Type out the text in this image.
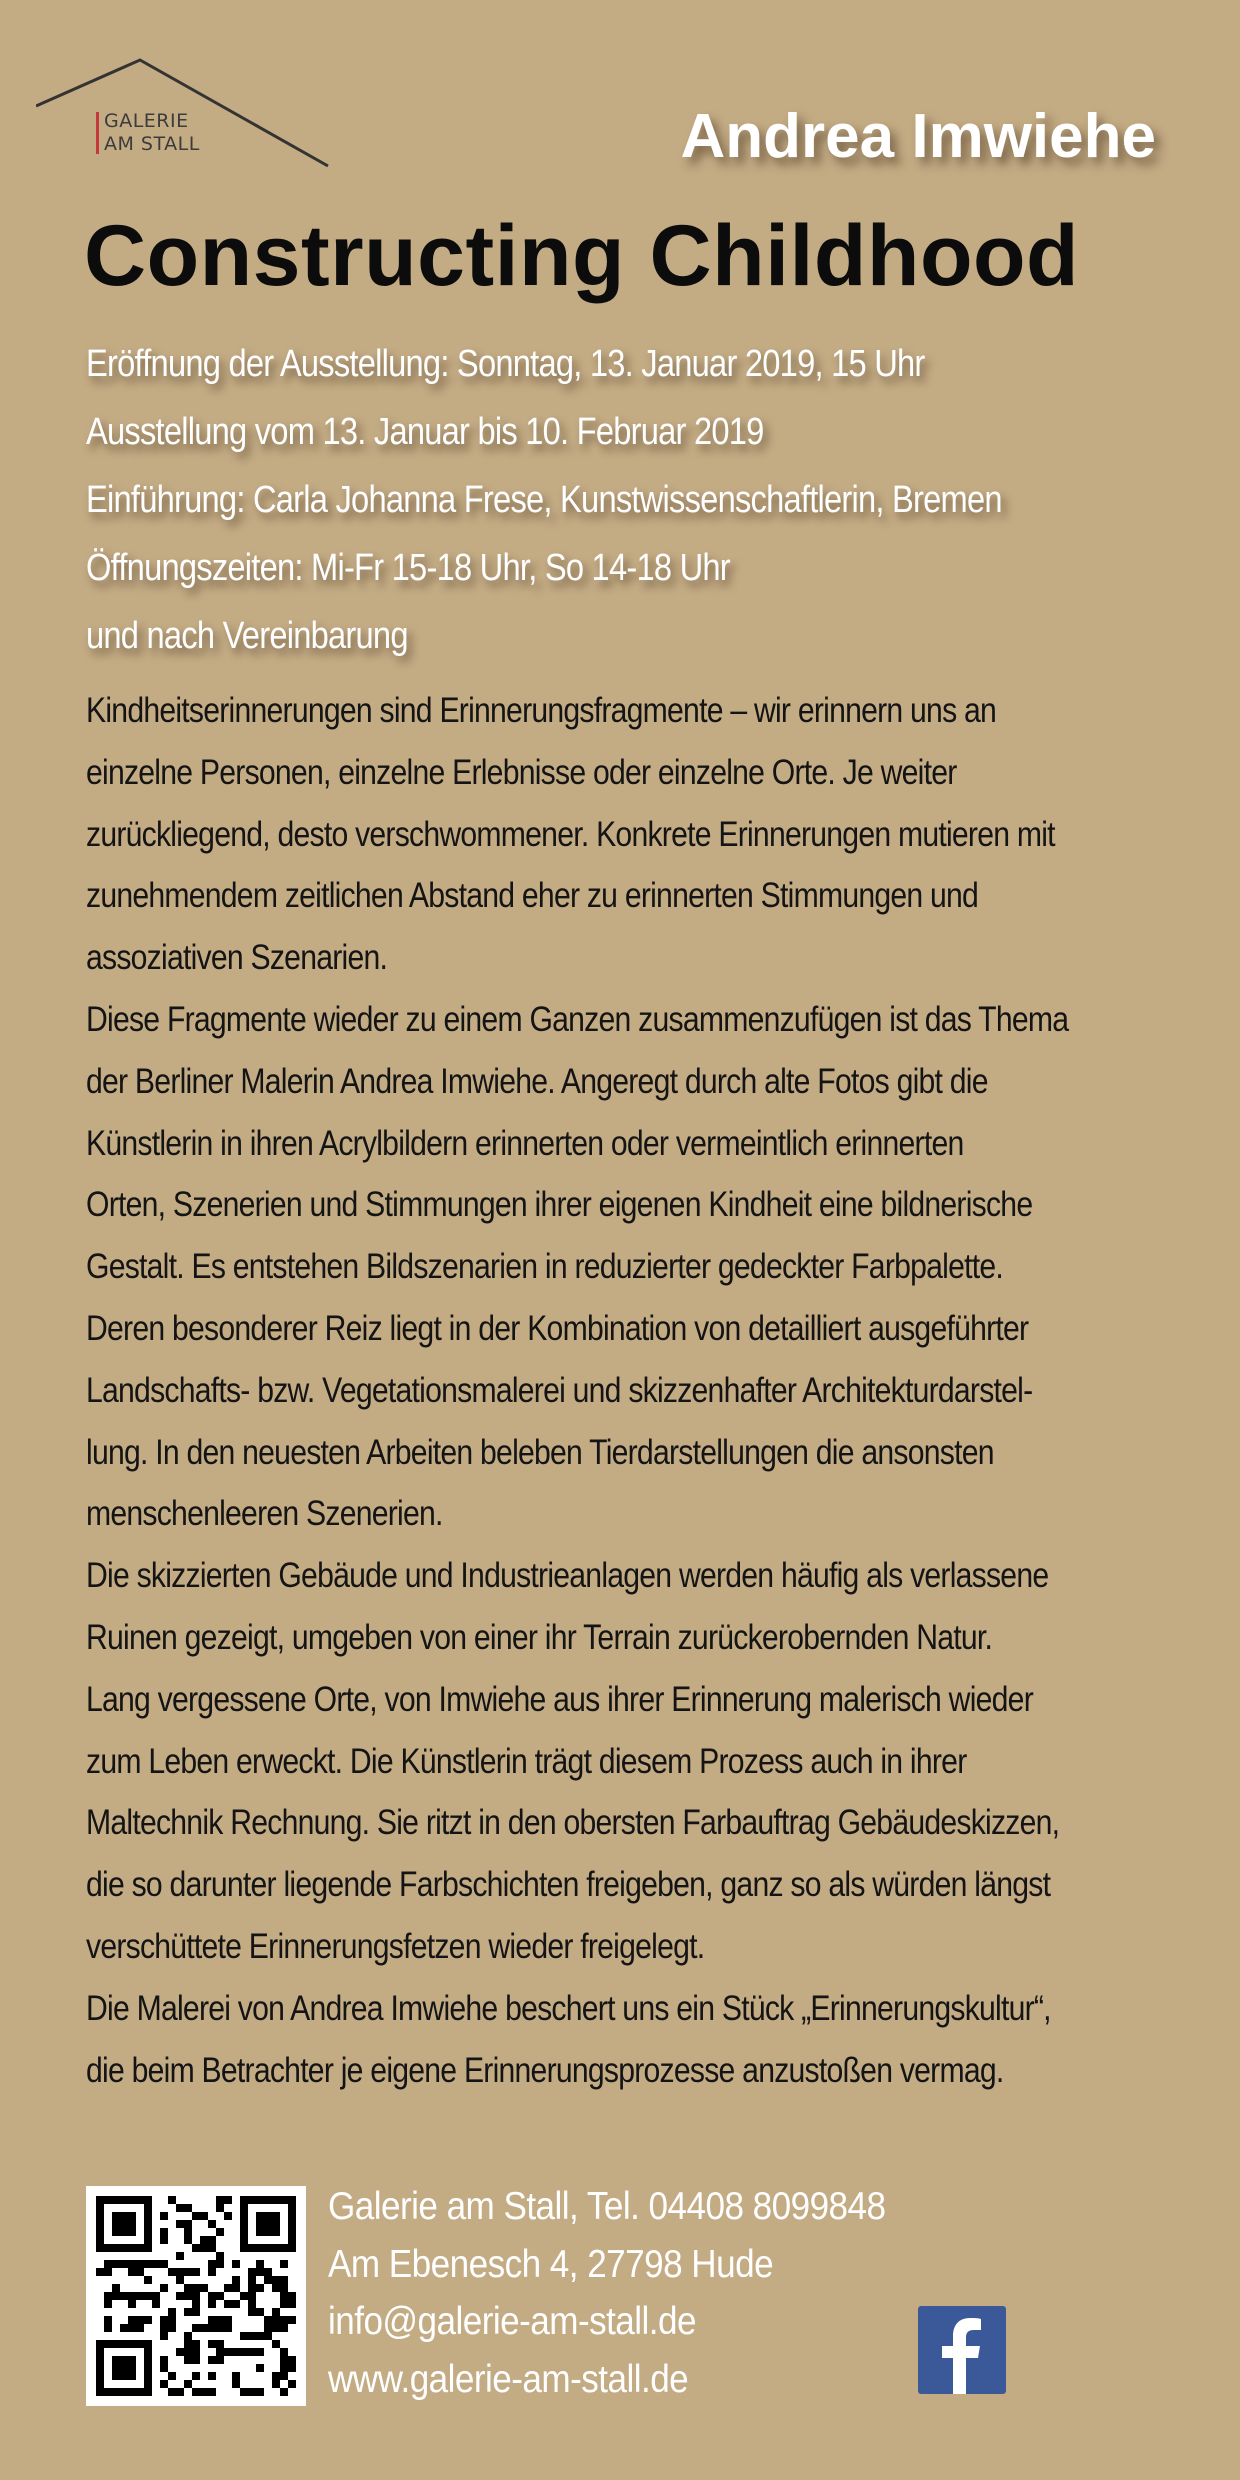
GALERIE
AM STALL	Andrea Imwiehe
Constructing Childhood
Eröffnung der Ausstellung: Sonntag, 13. Januar 2019, 15 Uhr
Ausstellung vom 13. Januar bis 10. Februar 2019
Einführung: Carla Johanna Frese, Kunstwissenschaftlerin, Bremen
Öffnungszeiten: Mi-Fr 15-18 Uhr, So 14-18 Uhr
und nach Vereinbarung
Kindheitserinnerungen sind Erinnerungsfragmente – wir erinnern uns an
einzelne Personen, einzelne Erlebnisse oder einzelne Orte. Je weiter
zurückliegend, desto verschwommener. Konkrete Erinnerungen mutieren mit
zunehmendem zeitlichen Abstand eher zu erinnerten Stimmungen und
assoziativen Szenarien.
Diese Fragmente wieder zu einem Ganzen zusammenzufügen ist das Thema
der Berliner Malerin Andrea Imwiehe. Angeregt durch alte Fotos gibt die
Künstlerin in ihren Acrylbildern erinnerten oder vermeintlich erinnerten
Orten, Szenerien und Stimmungen ihrer eigenen Kindheit eine bildnerische
Gestalt. Es entstehen Bildszenarien in reduzierter gedeckter Farbpalette.
Deren besonderer Reiz liegt in der Kombination von detailliert ausgeführter
Landschafts- bzw. Vegetationsmalerei und skizzenhafter Architekturdarstel-
lung. In den neuesten Arbeiten beleben Tierdarstellungen die ansonsten
menschenleeren Szenerien.
Die skizzierten Gebäude und Industrieanlagen werden häufig als verlassene
Ruinen gezeigt, umgeben von einer ihr Terrain zurückerobernden Natur.
Lang vergessene Orte, von Imwiehe aus ihrer Erinnerung malerisch wieder
zum Leben erweckt. Die Künstlerin trägt diesem Prozess auch in ihrer
Maltechnik Rechnung. Sie ritzt in den obersten Farbauftrag Gebäudeskizzen,
die so darunter liegende Farbschichten freigeben, ganz so als würden längst
verschüttete Erinnerungsfetzen wieder freigelegt.
Die Malerei von Andrea Imwiehe beschert uns ein Stück „Erinnerungskultur“,
die beim Betrachter je eigene Erinnerungsprozesse anzustoßen vermag.
Galerie am Stall, Tel. 04408 8099848
Am Ebenesch 4, 27798 Hude
info@galerie-am-stall.de
www.galerie-am-stall.de
